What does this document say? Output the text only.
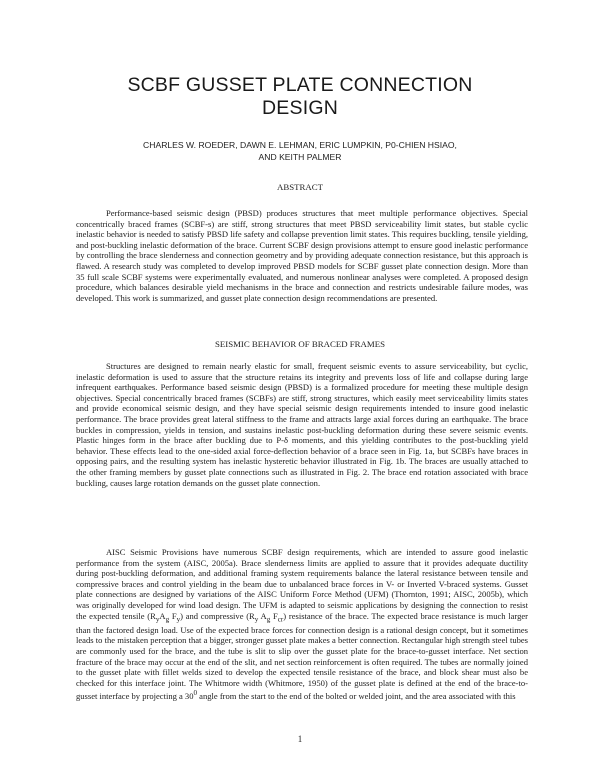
SCBF GUSSET PLATE CONNECTION DESIGN
CHARLES W. ROEDER, DAWN E. LEHMAN, ERIC LUMPKIN, P0-CHIEN HSIAO,
AND KEITH PALMER
ABSTRACT

Performance-based seismic design (PBSD) produces structures that meet multiple performance objectives. Special concentrically braced frames (SCBF-s) are stiff, strong structures that meet PBSD serviceability limit states, but stable cyclic inelastic behavior is needed to satisfy PBSD life safety and collapse prevention limit states. This requires buckling, tensile yielding, and post-buckling inelastic deformation of the brace. Current SCBF design provisions attempt to ensure good inelastic performance by controlling the brace slenderness and connection geometry and by providing adequate connection resistance, but this approach is flawed. A research study was completed to develop improved PBSD models for SCBF gusset plate connection design. More than 35 full scale SCBF systems were experimentally evaluated, and numerous nonlinear analyses were completed. A proposed design procedure, which balances desirable yield mechanisms in the brace and connection and restricts undesirable failure modes, was developed. This work is summarized, and gusset plate connection design recommendations are presented.

SEISMIC BEHAVIOR OF BRACED FRAMES

Structures are designed to remain nearly elastic for small, frequent seismic events to assure serviceability, but cyclic, inelastic deformation is used to assure that the structure retains its integrity and prevents loss of life and collapse during large infrequent earthquakes. Performance based seismic design (PBSD) is a formalized procedure for meeting these multiple design objectives. Special concentrically braced frames (SCBFs) are stiff, strong structures, which easily meet serviceability limits states and provide economical seismic design, and they have special seismic design requirements intended to insure good inelastic performance. The brace provides great lateral stiffness to the frame and attracts large axial forces during an earthquake. The brace buckles in compression, yields in tension, and sustains inelastic post-buckling deformation during these severe seismic events. Plastic hinges form in the brace after buckling due to P-δ moments, and this yielding contributes to the post-buckling yield behavior. These effects lead to the one-sided axial force-deflection behavior of a brace seen in Fig. 1a, but SCBFs have braces in opposing pairs, and the resulting system has inelastic hysteretic behavior illustrated in Fig. 1b. The braces are usually attached to the other framing members by gusset plate connections such as illustrated in Fig. 2. The brace end rotation associated with brace buckling, causes large rotation demands on the gusset plate connection.

AISC Seismic Provisions have numerous SCBF design requirements, which are intended to assure good inelastic performance from the system (AISC, 2005a). Brace slenderness limits are applied to assure that it provides adequate ductility during post-buckling deformation, and additional framing system requirements balance the lateral resistance between tensile and compressive braces and control yielding in the beam due to unbalanced brace forces in V- or Inverted V-braced systems. Gusset plate connections are designed by variations of the AISC Uniform Force Method (UFM) (Thornton, 1991; AISC, 2005b), which was originally developed for wind load design. The UFM is adapted to seismic applications by designing the connection to resist the expected tensile ($R_yA_g$ $F_y$) and compressive ($R_y$ $A_g$ $F_{cr}$) resistance of the brace. The expected brace resistance is much larger than the factored design load. Use of the expected brace forces for connection design is a rational design concept, but it sometimes leads to the mistaken perception that a bigger, stronger gusset plate makes a better connection. Rectangular high strength steel tubes are commonly used for the brace, and the tube is slit to slip over the gusset plate for the brace-to-gusset interface. Net section fracture of the brace may occur at the end of the slit, and net section reinforcement is often required. The tubes are normally joined to the gusset plate with fillet welds sized to develop the expected tensile resistance of the brace, and block shear must also be checked for this interface joint. The Whitmore width (Whitmore, 1950) of the gusset plate is defined at the end of the brace-to-gusset interface by projecting a $30^0$ angle from the start to the end of the bolted or welded joint, and the area associated with this

1
